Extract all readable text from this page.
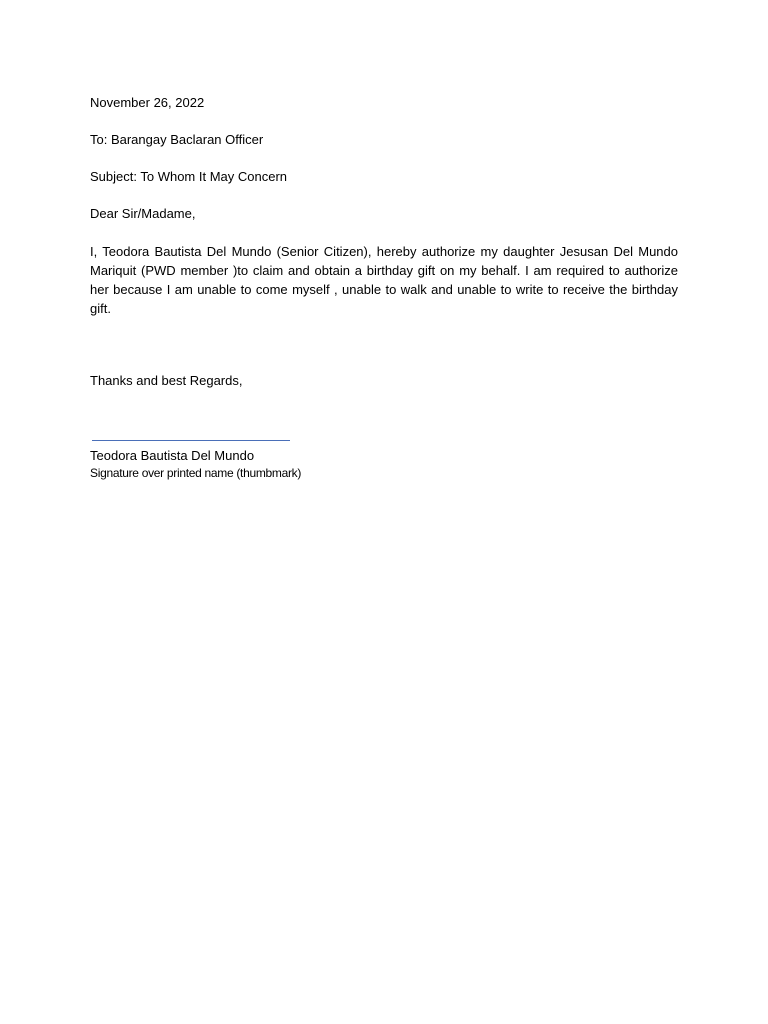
November 26, 2022

To: Barangay Baclaran Officer

Subject: To Whom It May Concern

Dear Sir/Madame,

I, Teodora Bautista Del Mundo (Senior Citizen), hereby authorize my daughter Jesusan Del Mundo Mariquit (PWD member )to claim and obtain a birthday gift on my behalf. I am required to authorize her because I am unable to come myself , unable to walk and unable to write to receive the birthday gift.

Thanks and best Regards,

Teodora Bautista Del Mundo

Signature over printed name (thumbmark)
